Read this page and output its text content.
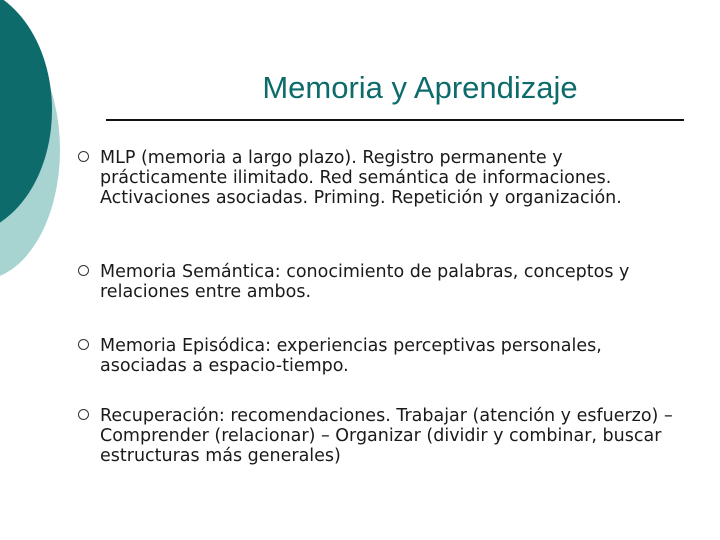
Memoria y Aprendizaje
MLP (memoria a largo plazo). Registro permanente y prácticamente ilimitado. Red semántica de informaciones. Activaciones asociadas. Priming. Repetición y organización.
Memoria Semántica: conocimiento de palabras, conceptos y relaciones entre ambos.
Memoria Episódica: experiencias perceptivas personales, asociadas a espacio-tiempo.
Recuperación: recomendaciones. Trabajar (atención y esfuerzo) – Comprender (relacionar) – Organizar (dividir y combinar, buscar estructuras más generales)
